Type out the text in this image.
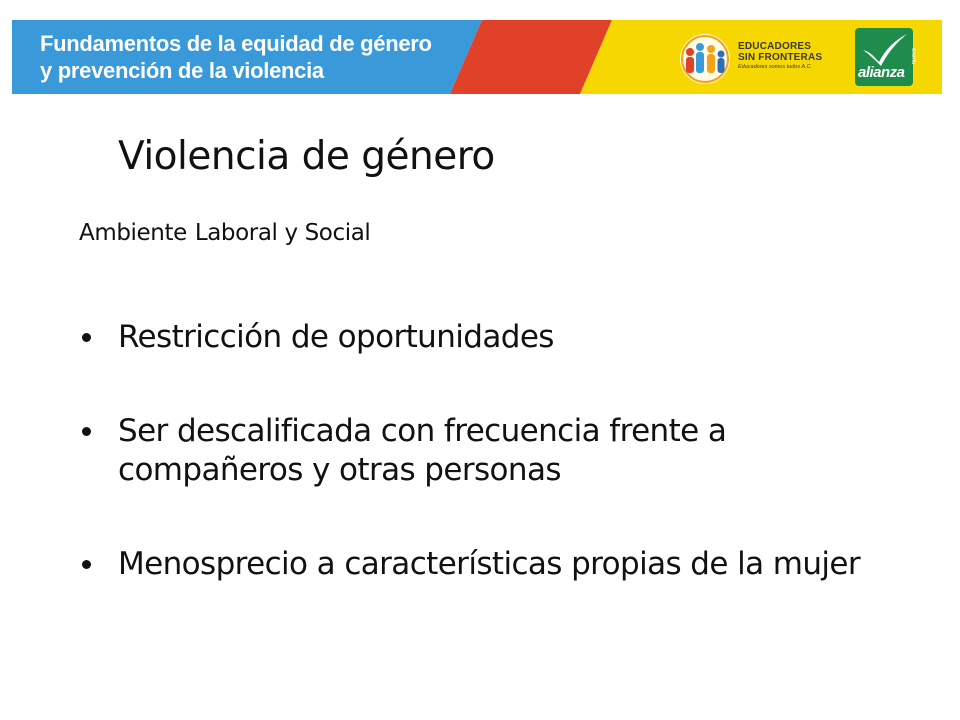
Fundamentos de la equidad de género
y prevención de la violencia
EDUCADORES
SIN FRONTERAS
Educadores somos todos A.C.
nueva
alianza
Violencia de género
Ambiente Laboral y Social
Restricción de oportunidades
Ser descalificada con frecuencia frente a compañeros y otras personas
Menosprecio a características propias de la mujer
